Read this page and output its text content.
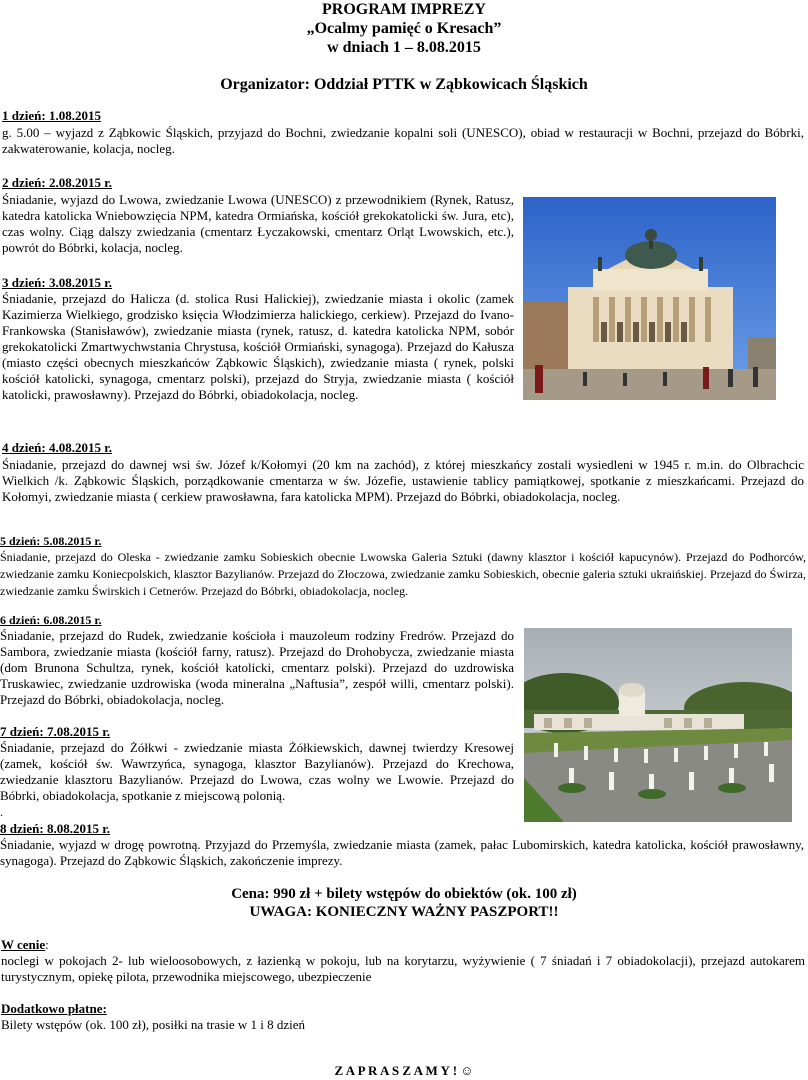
PROGRAM IMPREZY
„Ocalmy pamięć o Kresach”
w dniach 1 – 8.08.2015
Organizator: Oddział PTTK w Ząbkowicach Śląskich
1 dzień: 1.08.2015
g. 5.00 – wyjazd z Ząbkowic Śląskich, przyjazd do Bochni, zwiedzanie kopalni soli (UNESCO), obiad w restauracji w Bochni, przejazd do Bóbrki, zakwaterowanie, kolacja, nocleg.
2 dzień: 2.08.2015 r.
Śniadanie, wyjazd do Lwowa, zwiedzanie Lwowa (UNESCO) z przewodnikiem (Rynek, Ratusz, katedra katolicka Wniebowzięcia NPM, katedra Ormiańska, kościół grekokatolicki św. Jura, etc), czas wolny. Ciąg dalszy zwiedzania (cmentarz Łyczakowski, cmentarz Orląt Lwowskich, etc.), powrót do Bóbrki, kolacja, nocleg.
3 dzień: 3.08.2015 r.
Śniadanie, przejazd do Halicza (d. stolica Rusi Halickiej), zwiedzanie miasta i okolic (zamek Kazimierza Wielkiego, grodzisko księcia Włodzimierza halickiego, cerkiew). Przejazd do Ivano- Frankowska (Stanisławów), zwiedzanie miasta (rynek, ratusz, d. katedra katolicka NPM, sobór grekokatolicki Zmartwychwstania Chrystusa, kościół Ormiański, synagoga). Przejazd do Kałusza (miasto części obecnych mieszkańców Ząbkowic Śląskich), zwiedzanie miasta ( rynek, polski kościół katolicki, synagoga, cmentarz polski), przejazd do Stryja, zwiedzanie miasta ( kościół katolicki, prawosławny). Przejazd do Bóbrki, obiadokolacja, nocleg.
4 dzień: 4.08.2015 r.
Śniadanie, przejazd do dawnej wsi św. Józef k/Kołomyi (20 km na zachód), z której mieszkańcy zostali wysiedleni w 1945 r. m.in. do Olbrachcic Wielkich /k. Ząbkowic Śląskich, porządkowanie cmentarza w św. Józefie, ustawienie tablicy pamiątkowej, spotkanie z mieszkańcami. Przejazd do Kołomyi, zwiedzanie miasta ( cerkiew prawosławna, fara katolicka MPM). Przejazd do Bóbrki, obiadokolacja, nocleg.
5 dzień: 5.08.2015 r.
Śniadanie, przejazd do Oleska - zwiedzanie zamku Sobieskich obecnie Lwowska Galeria Sztuki (dawny klasztor i kościół kapucynów). Przejazd do Podhorców, zwiedzanie zamku Koniecpolskich, klasztor Bazylianów. Przejazd do Złoczowa, zwiedzanie zamku Sobieskich, obecnie galeria sztuki ukraińskiej. Przejazd do Świrza, zwiedzanie zamku Świrskich i Cetnerów. Przejazd do Bóbrki, obiadokolacja, nocleg.
6 dzień: 6.08.2015 r.
Śniadanie, przejazd do Rudek, zwiedzanie kościoła i mauzoleum rodziny Fredrów. Przejazd do Sambora, zwiedzanie miasta (kościół farny, ratusz). Przejazd do Drohobycza, zwiedzanie miasta (dom Brunona Schultza, rynek, kościół katolicki, cmentarz polski). Przejazd do uzdrowiska Truskawiec, zwiedzanie uzdrowiska (woda mineralna „Naftusia”, zespół willi, cmentarz polski). Przejazd do Bóbrki, obiadokolacja, nocleg.
7 dzień: 7.08.2015 r.
Śniadanie, przejazd do Żółkwi - zwiedzanie miasta Żółkiewskich, dawnej twierdzy Kresowej (zamek, kościół św. Wawrzyńca, synagoga, klasztor Bazylianów). Przejazd do Krechowa, zwiedzanie klasztoru Bazylianów. Przejazd do Lwowa, czas wolny we Lwowie. Przejazd do Bóbrki, obiadokolacja, spotkanie z miejscową polonią.
.
8 dzień: 8.08.2015 r.
Śniadanie, wyjazd w drogę powrotną. Przyjazd do Przemyśla, zwiedzanie miasta (zamek, pałac Lubomirskich, katedra katolicka, kościół prawosławny, synagoga). Przejazd do Ząbkowic Śląskich, zakończenie imprezy.
Cena: 990 zł + bilety wstępów do obiektów (ok. 100 zł)
UWAGA: KONIECZNY WAŻNY PASZPORT!!
W cenie:
noclegi w pokojach 2- lub wieloosobowych, z łazienką w pokoju, lub na korytarzu, wyżywienie ( 7 śniadań i 7 obiadokolacji), przejazd autokarem turystycznym, opiekę pilota, przewodnika miejscowego, ubezpieczenie
Dodatkowo płatne:
Bilety wstępów (ok. 100 zł), posiłki na trasie w 1 i 8 dzień
Z A P R A S Z A M Y ! ☺
